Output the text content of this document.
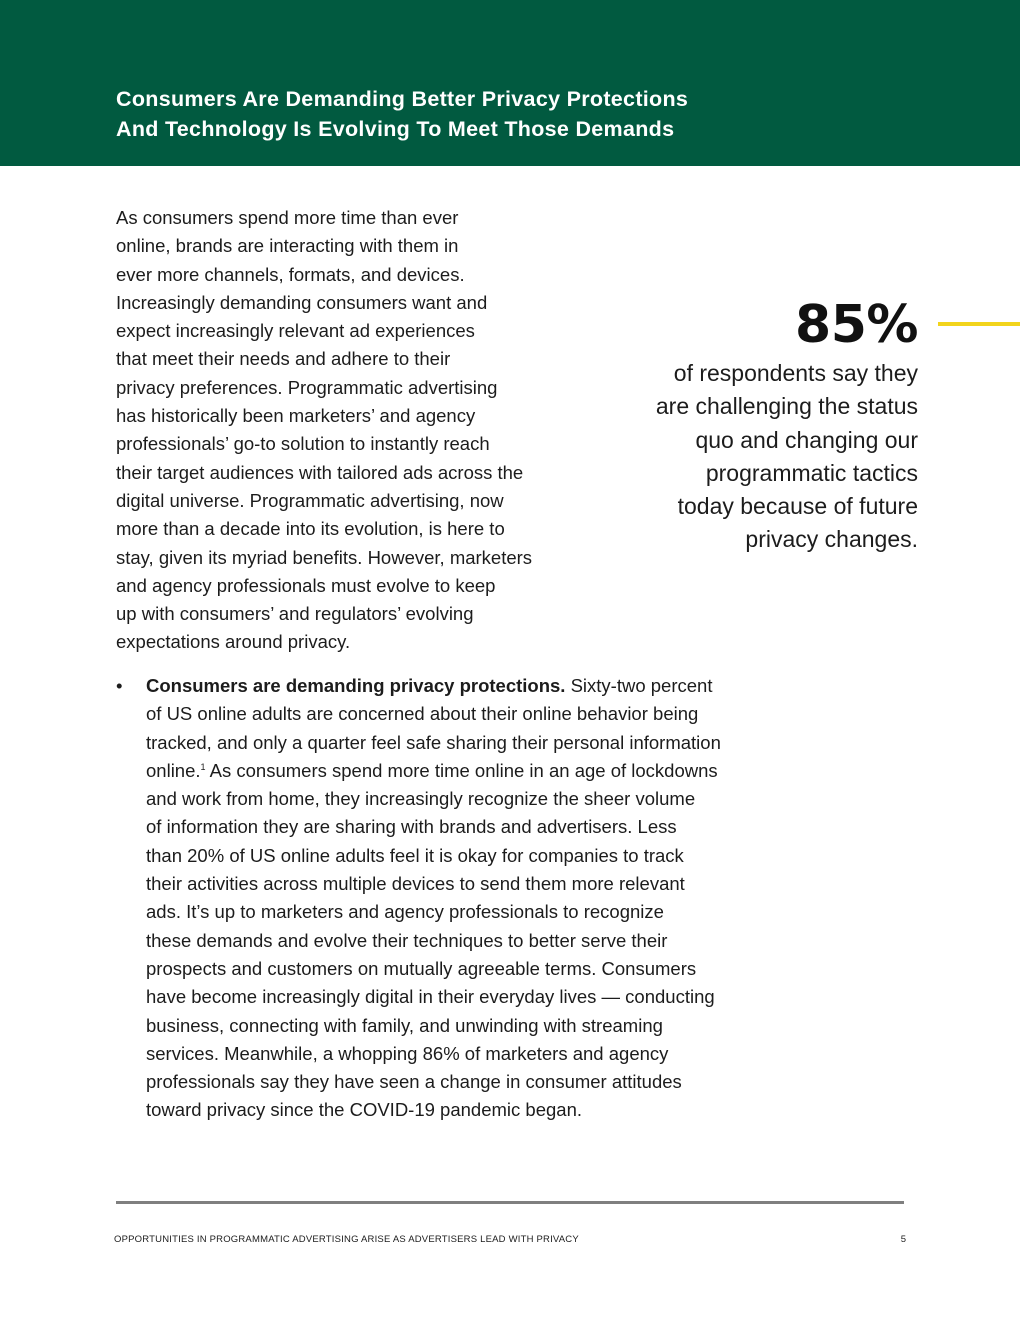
Consumers Are Demanding Better Privacy Protections
And Technology Is Evolving To Meet Those Demands
As consumers spend more time than ever
online, brands are interacting with them in
ever more channels, formats, and devices.
Increasingly demanding consumers want and
expect increasingly relevant ad experiences
that meet their needs and adhere to their
privacy preferences. Programmatic advertising
has historically been marketers’ and agency
professionals’ go-to solution to instantly reach
their target audiences with tailored ads across the
digital universe. Programmatic advertising, now
more than a decade into its evolution, is here to
stay, given its myriad benefits. However, marketers
and agency professionals must evolve to keep
up with consumers’ and regulators’ evolving
expectations around privacy.
85%
of respondents say they
are challenging the status
quo and changing our
programmatic tactics
today because of future
privacy changes.
• Consumers are demanding privacy protections. Sixty-two percent
of US online adults are concerned about their online behavior being
tracked, and only a quarter feel safe sharing their personal information
online.$^1$ As consumers spend more time online in an age of lockdowns
and work from home, they increasingly recognize the sheer volume
of information they are sharing with brands and advertisers. Less
than 20% of US online adults feel it is okay for companies to track
their activities across multiple devices to send them more relevant
ads. It’s up to marketers and agency professionals to recognize
these demands and evolve their techniques to better serve their
prospects and customers on mutually agreeable terms. Consumers
have become increasingly digital in their everyday lives — conducting
business, connecting with family, and unwinding with streaming
services. Meanwhile, a whopping 86% of marketers and agency
professionals say they have seen a change in consumer attitudes
toward privacy since the COVID-19 pandemic began.
OPPORTUNITIES IN PROGRAMMATIC ADVERTISING ARISE AS ADVERTISERS LEAD WITH PRIVACY	5
